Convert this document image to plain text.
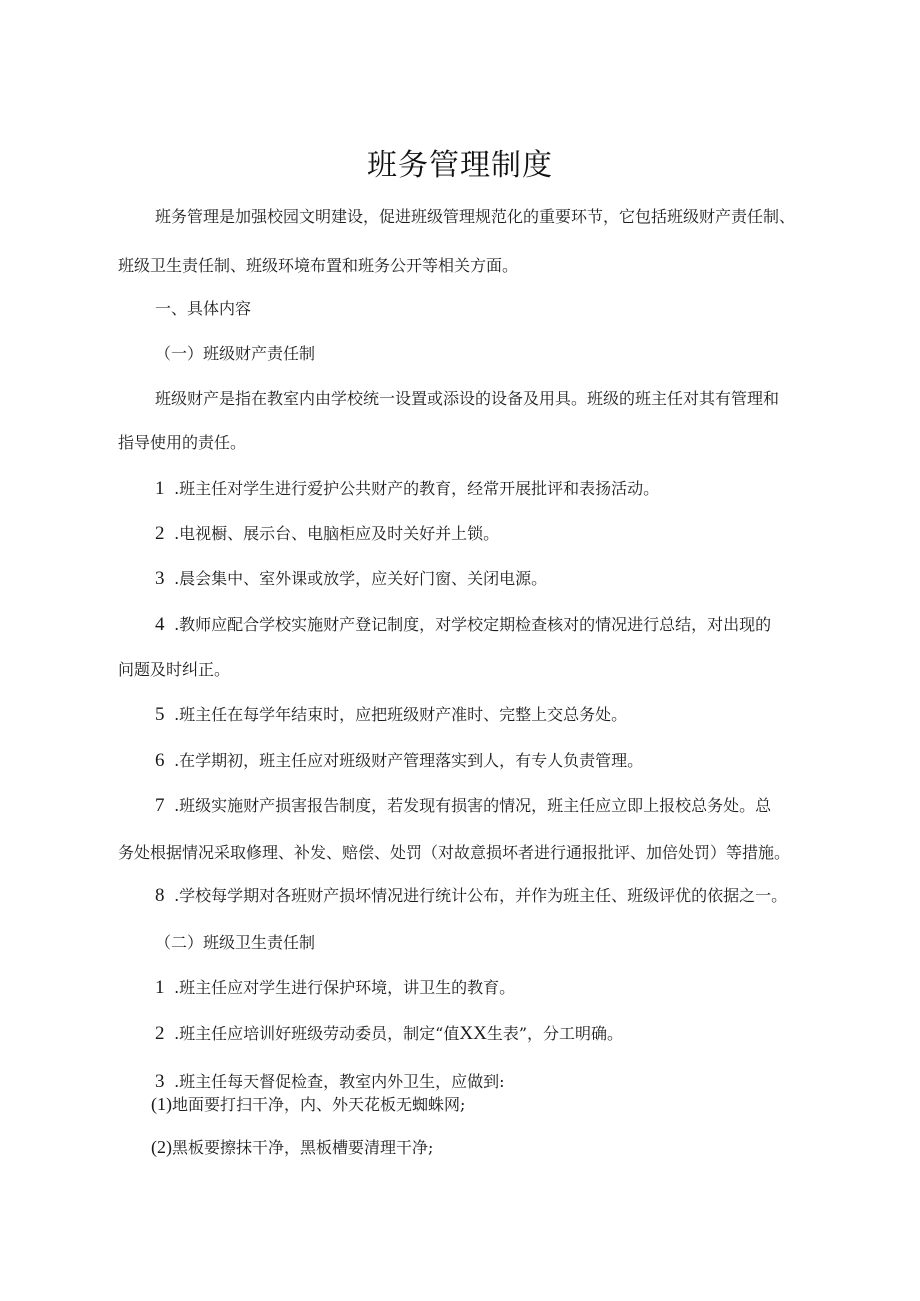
班务管理制度
班务管理是加强校园文明建设，促进班级管理规范化的重要环节，它包括班级财产责任制、
班级卫生责任制、班级环境布置和班务公开等相关方面。
一、具体内容
（一）班级财产责任制
班级财产是指在教室内由学校统一设置或添设的设备及用具。班级的班主任对其有管理和
指导使用的责任。
1 .班主任对学生进行爱护公共财产的教育，经常开展批评和表扬活动。
2 .电视橱、展示台、电脑柜应及时关好并上锁。
3 .晨会集中、室外课或放学，应关好门窗、关闭电源。
4 .教师应配合学校实施财产登记制度，对学校定期检查核对的情况进行总结，对出现的
问题及时纠正。
5 .班主任在每学年结束时，应把班级财产准时、完整上交总务处。
6 .在学期初，班主任应对班级财产管理落实到人，有专人负责管理。
7 .班级实施财产损害报告制度，若发现有损害的情况，班主任应立即上报校总务处。总
务处根据情况采取修理、补发、赔偿、处罚（对故意损坏者进行通报批评、加倍处罚）等措施。
8 .学校每学期对各班财产损坏情况进行统计公布，并作为班主任、班级评优的依据之一。
（二）班级卫生责任制
1 .班主任应对学生进行保护环境，讲卫生的教育。
2 .班主任应培训好班级劳动委员，制定“值XX生表”，分工明确。
3 .班主任每天督促检查，教室内外卫生，应做到:
(1)地面要打扫干净，内、外天花板无蜘蛛网;
(2)黑板要擦抹干净，黑板槽要清理干净;
